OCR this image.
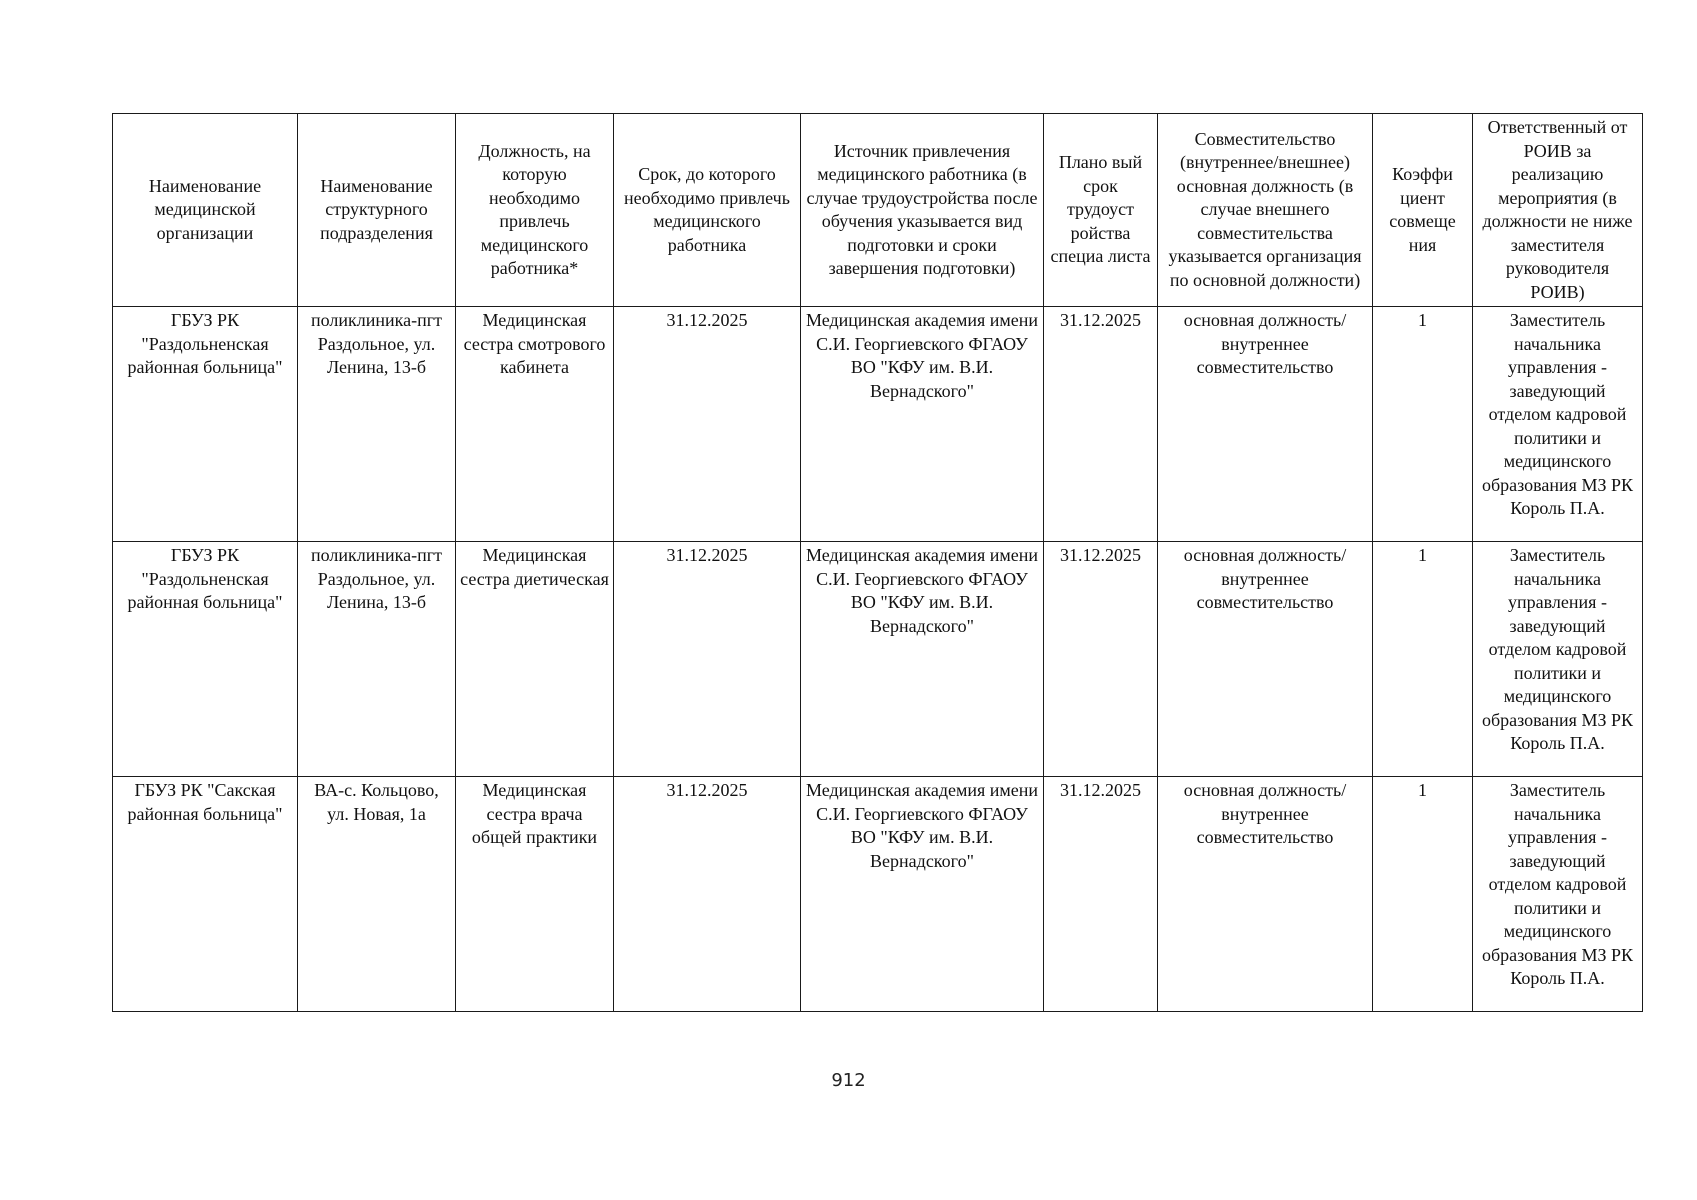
Наименование медицинской организации	Наименование структурного подразделения	Должность, на которую необходимо привлечь медицинского работника*	Срок, до которого необходимо привлечь медицинского работника	Источник привлечения медицинского работника (в случае трудоустройства после обучения указывается вид подготовки и сроки завершения подготовки)	Плано вый срок трудоуст ройства специа листа	Совместительство (внутреннее/внешнее) основная должность (в случае внешнего совместительства указывается организация по основной должности)	Коэффи циент совмеще ния	Ответственный от РОИВ за реализацию мероприятия (в должности не ниже заместителя руководителя РОИВ)
ГБУЗ РК "Раздольненская районная больница"	поликлиника-пгт Раздольное, ул. Ленина, 13-б	Медицинская сестра смотрового кабинета	31.12.2025	Медицинская академия имени С.И. Георгиевского ФГАОУ ВО "КФУ им. В.И. Вернадского"	31.12.2025	основная должность/ внутреннее совместительство	1	Заместитель начальника управления - заведующий отделом кадровой политики и медицинского образования МЗ РК Король П.А.
ГБУЗ РК "Раздольненская районная больница"	поликлиника-пгт Раздольное, ул. Ленина, 13-б	Медицинская сестра диетическая	31.12.2025	Медицинская академия имени С.И. Георгиевского ФГАОУ ВО "КФУ им. В.И. Вернадского"	31.12.2025	основная должность/ внутреннее совместительство	1	Заместитель начальника управления - заведующий отделом кадровой политики и медицинского образования МЗ РК Король П.А.
ГБУЗ РК "Сакская районная больница"	ВА-с. Кольцово, ул. Новая, 1а	Медицинская сестра врача общей практики	31.12.2025	Медицинская академия имени С.И. Георгиевского ФГАОУ ВО "КФУ им. В.И. Вернадского"	31.12.2025	основная должность/ внутреннее совместительство	1	Заместитель начальника управления - заведующий отделом кадровой политики и медицинского образования МЗ РК Король П.А.
912
